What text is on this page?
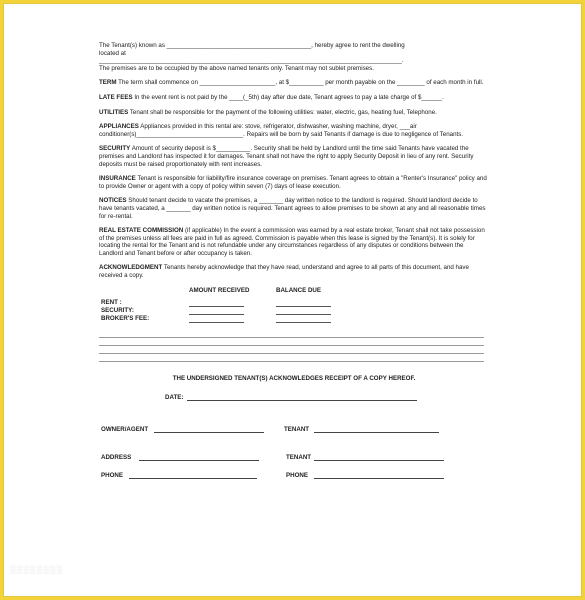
▒▒▒▒▒▒▒▒
The Tenant(s) known as __________________________________________, hereby agree to rent the dwelling
located at
________________________________________________________________________________________.
The premises are to be occupied by the above named tenants only. Tenant may not sublet premises.
TERM The term shall commence on ______________________, at $__________ per month payable on the ________ of each month in full.
LATE FEES In the event rent is not paid by the ____(_5th) day after due date, Tenant agrees to pay a late charge of $______.
UTILITIES Tenant shall be responsible for the payment of the following utilities: water, electric, gas, heating fuel, Telephone.
APPLIANCES Appliances provided in this rental are: stove, refrigerator, dishwasher, washing machine, dryer, ___air conditioner(s)_______________________________. Repairs will be born by said Tenants if damage is due to negligence of Tenants.
SECURITY Amount of security deposit is $__________. Security shall be held by Landlord until the time said Tenants have vacated the premises and Landlord has inspected it for damages. Tenant shall not have the right to apply Security Deposit in lieu of any rent. Security deposits must be raised proportionately with rent increases.
INSURANCE Tenant is responsible for liability/fire insurance coverage on premises. Tenant agrees to obtain a "Renter's Insurance" policy and to provide Owner or agent with a copy of policy within seven (7) days of lease execution.
NOTICES Should tenant decide to vacate the premises, a _______ day written notice to the landlord is required. Should landlord decide to have tenants vacated, a _______ day written notice is required. Tenant agrees to allow premises to be shown at any and all reasonable times for re-rental.
REAL ESTATE COMMISSION (if applicable) In the event a commission was earned by a real estate broker, Tenant shall not take possession of the premises unless all fees are paid in full as agreed. Commission is payable when this lease is signed by the Tenant(s). It is solely for locating the rental for the Tenant and is not refundable under any circumstances regardless of any disputes or conditions between the Landlord and Tenant before or after occupancy is taken.
ACKNOWLEDGMENT Tenants hereby acknowledge that they have read, understand and agree to all parts of this document, and have received a copy.
AMOUNT RECEIVED	BALANCE DUE
RENT :
SECURITY:
BROKER'S FEE:
THE UNDERSIGNED TENANT(S) ACKNOWLEDGES RECEIPT OF A COPY HEREOF.
DATE:
OWNER/AGENT	TENANT
ADDRESS	TENANT
PHONE	PHONE
